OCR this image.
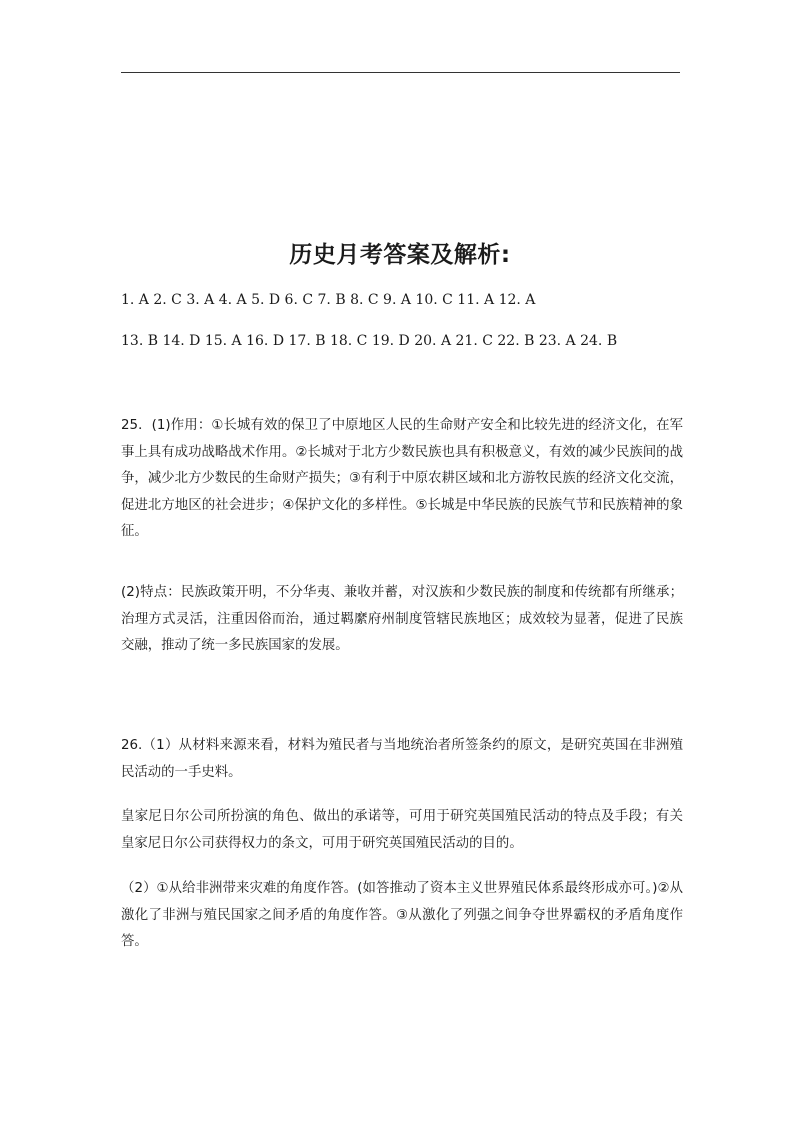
历史月考答案及解析:
1. A 2. C 3. A 4. A 5. D 6. C 7. B 8. C 9. A 10. C 11. A 12. A
13. B 14. D 15. A 16. D 17. B 18. C 19. D 20. A 21. C 22. B 23. A 24. B

25．(1)作用：①长城有效的保卫了中原地区人民的生命财产安全和比较先进的经济文化，在军事上具有成功战略战术作用。②长城对于北方少数民族也具有积极意义，有效的减少民族间的战争，减少北方少数民的生命财产损失；③有利于中原农耕区域和北方游牧民族的经济文化交流，促进北方地区的社会进步；④保护文化的多样性。⑤长城是中华民族的民族气节和民族精神的象征。

(2)特点：民族政策开明，不分华夷、兼收并蓄，对汉族和少数民族的制度和传统都有所继承；治理方式灵活，注重因俗而治，通过羁縻府州制度管辖民族地区；成效较为显著，促进了民族交融，推动了统一多民族国家的发展。

26.（1）从材料来源来看，材料为殖民者与当地统治者所签条约的原文，是研究英国在非洲殖民活动的一手史料。

皇家尼日尔公司所扮演的角色、做出的承诺等，可用于研究英国殖民活动的特点及手段；有关皇家尼日尔公司获得权力的条文，可用于研究英国殖民活动的目的。

（2）①从给非洲带来灾难的角度作答。(如答推动了资本主义世界殖民体系最终形成亦可。)②从激化了非洲与殖民国家之间矛盾的角度作答。③从激化了列强之间争夺世界霸权的矛盾角度作答。
